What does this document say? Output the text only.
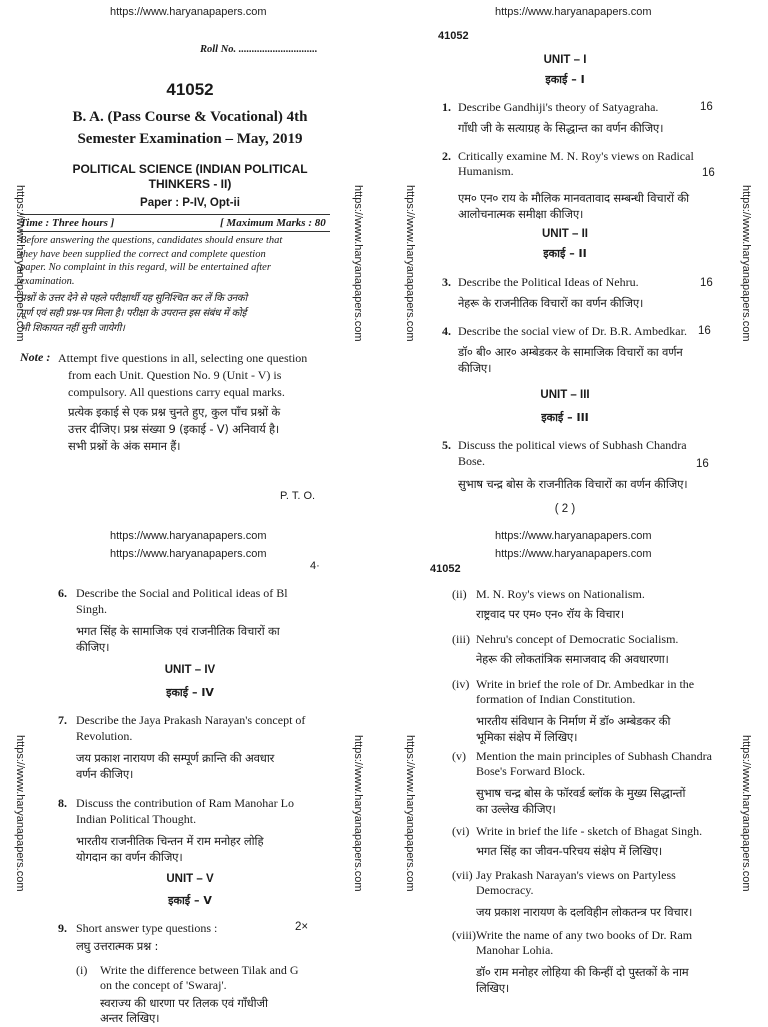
https://www.haryanapapers.com	https://www.haryanapapers.com
https://www.haryanapapers.com
https://www.haryanapapers.com
https://www.haryanapapers.com
https://www.haryanapapers.com
https://www.haryanapapers.com	https://www.haryanapapers.com	https://www.haryanapapers.com	https://www.haryanapapers.com
https://www.haryanapapers.com	https://www.haryanapapers.com	https://www.haryanapapers.com	https://www.haryanapapers.com
Roll No. ..............................
41052
B. A. (Pass Course & Vocational) 4th
Semester Examination – May, 2019
POLITICAL SCIENCE (INDIAN POLITICAL
THINKERS - II)
Paper : P-IV, Opt-ii
Time : Three hours ]	[ Maximum Marks : 80
Before answering the questions, candidates should ensure that
they have been supplied the correct and complete question
paper. No complaint in this regard, will be entertained after
examination.
प्रश्नों के उत्तर देने से पहले परीक्षार्थी यह सुनिश्चित कर लें कि उनको
पूर्ण एवं सही प्रश्न-पत्र मिला है। परीक्षा के उपरान्त इस संबंध में कोई
भी शिकायत नहीं सुनी जायेगी।
Note : Attempt five questions in all, selecting one question
from each Unit. Question No. 9 (Unit - V) is
compulsory. All questions carry equal marks.
प्रत्येक इकाई से एक प्रश्न चुनते हुए, कुल पाँच प्रश्नों के
उत्तर दीजिए। प्रश्न संख्या 9 (इकाई - V) अनिवार्य है।
सभी प्रश्नों के अंक समान हैं।
P. T. O.
41052
UNIT – I
इकाई – I
1. Describe Gandhiji's theory of Satyagraha.	16
गाँधी जी के सत्याग्रह के सिद्धान्त का वर्णन कीजिए।
2. Critically examine M. N. Roy's views on Radical
Humanism.	16
एम० एन० राय के मौलिक मानवतावाद सम्बन्धी विचारों की
आलोचनात्मक समीक्षा कीजिए।
UNIT – II
इकाई – II
3. Describe the Political Ideas of Nehru.	16
नेहरू के राजनीतिक विचारों का वर्णन कीजिए।
4. Describe the social view of Dr. B.R. Ambedkar. 16
डॉ० बी० आर० अम्बेडकर के सामाजिक विचारों का वर्णन
कीजिए।
UNIT – III
इकाई – III
5. Discuss the political views of Subhash Chandra
Bose.	16
सुभाष चन्द्र बोस के राजनीतिक विचारों का वर्णन कीजिए।
( 2 )
4·
6. Describe the Social and Political ideas of Bl
Singh.
भगत सिंह के सामाजिक एवं राजनीतिक विचारों का
कीजिए।
UNIT – IV
इकाई – IV
7. Describe the Jaya Prakash Narayan's concept of
Revolution.
जय प्रकाश नारायण की सम्पूर्ण क्रान्ति की अवधार
वर्णन कीजिए।
8. Discuss the contribution of Ram Manohar Lo
Indian Political Thought.
भारतीय राजनीतिक चिन्तन में राम मनोहर लोहि
योगदान का वर्णन कीजिए।
UNIT – V
इकाई – V
9. Short answer type questions :	2×
लघु उत्तरात्मक प्रश्न :
(i) Write the difference between Tilak and G
on the concept of 'Swaraj'.
स्वराज्य की धारणा पर तिलक एवं गाँधीजी
अन्तर लिखिए।
41052
(ii) M. N. Roy's views on Nationalism.
राष्ट्रवाद पर एम० एन० रॉय के विचार।
(iii) Nehru's concept of Democratic Socialism.
नेहरू की लोकतांत्रिक समाजवाद की अवधारणा।
(iv) Write in brief the role of Dr. Ambedkar in the
formation of Indian Constitution.
भारतीय संविधान के निर्माण में डॉ० अम्बेडकर की
भूमिका संक्षेप में लिखिए।
(v) Mention the main principles of Subhash Chandra
Bose's Forward Block.
सुभाष चन्द्र बोस के फॉरवर्ड ब्लॉक के मुख्य सिद्धान्तों
का उल्लेख कीजिए।
(vi) Write in brief the life - sketch of Bhagat Singh.
भगत सिंह का जीवन-परिचय संक्षेप में लिखिए।
(vii) Jay Prakash Narayan's views on Partyless
Democracy.
जय प्रकाश नारायण के दलविहीन लोकतन्त्र पर विचार।
(viii) Write the name of any two books of Dr. Ram
Manohar Lohia.
डॉ० राम मनोहर लोहिया की किन्हीं दो पुस्तकों के नाम
लिखिए।
